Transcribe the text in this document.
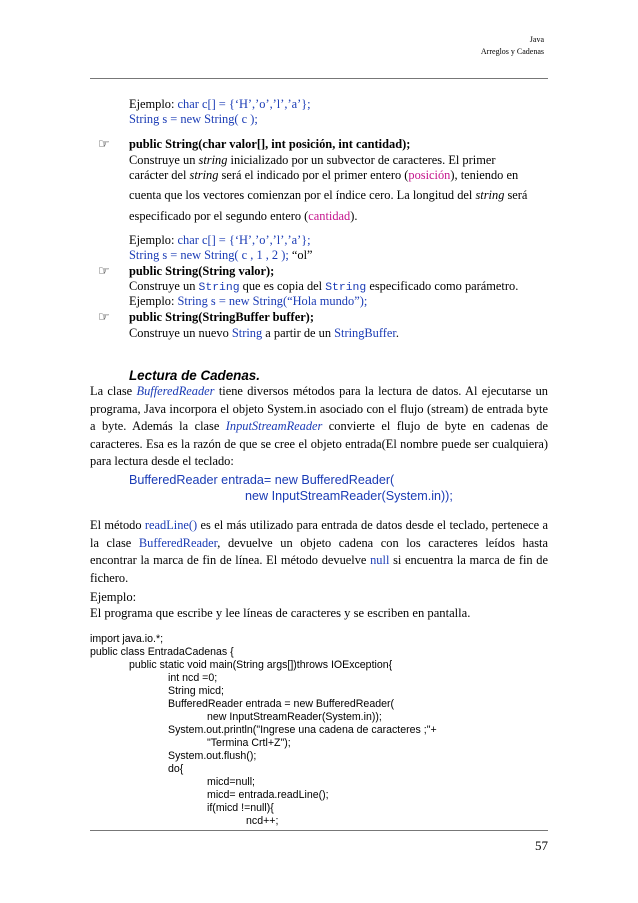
Java
Arreglos y Cadenas
Ejemplo: char c[] = {‘H’,’o’,’l’,’a’};
String s = new String( c );
☞ public String(char valor[], int posición, int cantidad);
Construye un string inicializado por un subvector de caracteres. El primer
carácter del string será el indicado por el primer entero (posición), teniendo en
cuenta que los vectores comienzan por el índice cero. La longitud del string será
especificado por el segundo entero (cantidad).
Ejemplo: char c[] = {‘H’,’o’,’l’,’a’};
String s = new String( c , 1 , 2 ); “ol”
☞ public String(String valor);
Construye un String que es copia del String especificado como parámetro.
Ejemplo: String s = new String(“Hola mundo”);
☞ public String(StringBuffer buffer);
Construye un nuevo String a partir de un StringBuffer.
Lectura de Cadenas.
La clase BufferedReader tiene diversos métodos para la lectura de datos. Al ejecutarse un programa, Java incorpora el objeto System.in asociado con el flujo (stream) de entrada byte a byte. Además la clase InputStreamReader convierte el flujo de byte en cadenas de caracteres. Esa es la razón de que se cree el objeto entrada(El nombre puede ser cualquiera) para lectura desde el teclado:
BufferedReader entrada= new BufferedReader(
new InputStreamReader(System.in));
El método readLine() es el más utilizado para entrada de datos desde el teclado, pertenece a la clase BufferedReader, devuelve un objeto cadena con los caracteres leídos hasta encontrar la marca de fin de línea. El método devuelve null si encuentra la marca de fin de fichero.
Ejemplo:
El programa que escribe y lee líneas de caracteres y se escriben en pantalla.
import java.io.*;
public class EntradaCadenas {
public static void main(String args[])throws IOException{
int ncd =0;
String micd;
BufferedReader entrada = new BufferedReader(
new InputStreamReader(System.in));
System.out.println("Ingrese una cadena de caracteres ;"+
"Termina Crtl+Z");
System.out.flush();
do{
micd=null;
micd= entrada.readLine();
if(micd !=null){
ncd++;
57
